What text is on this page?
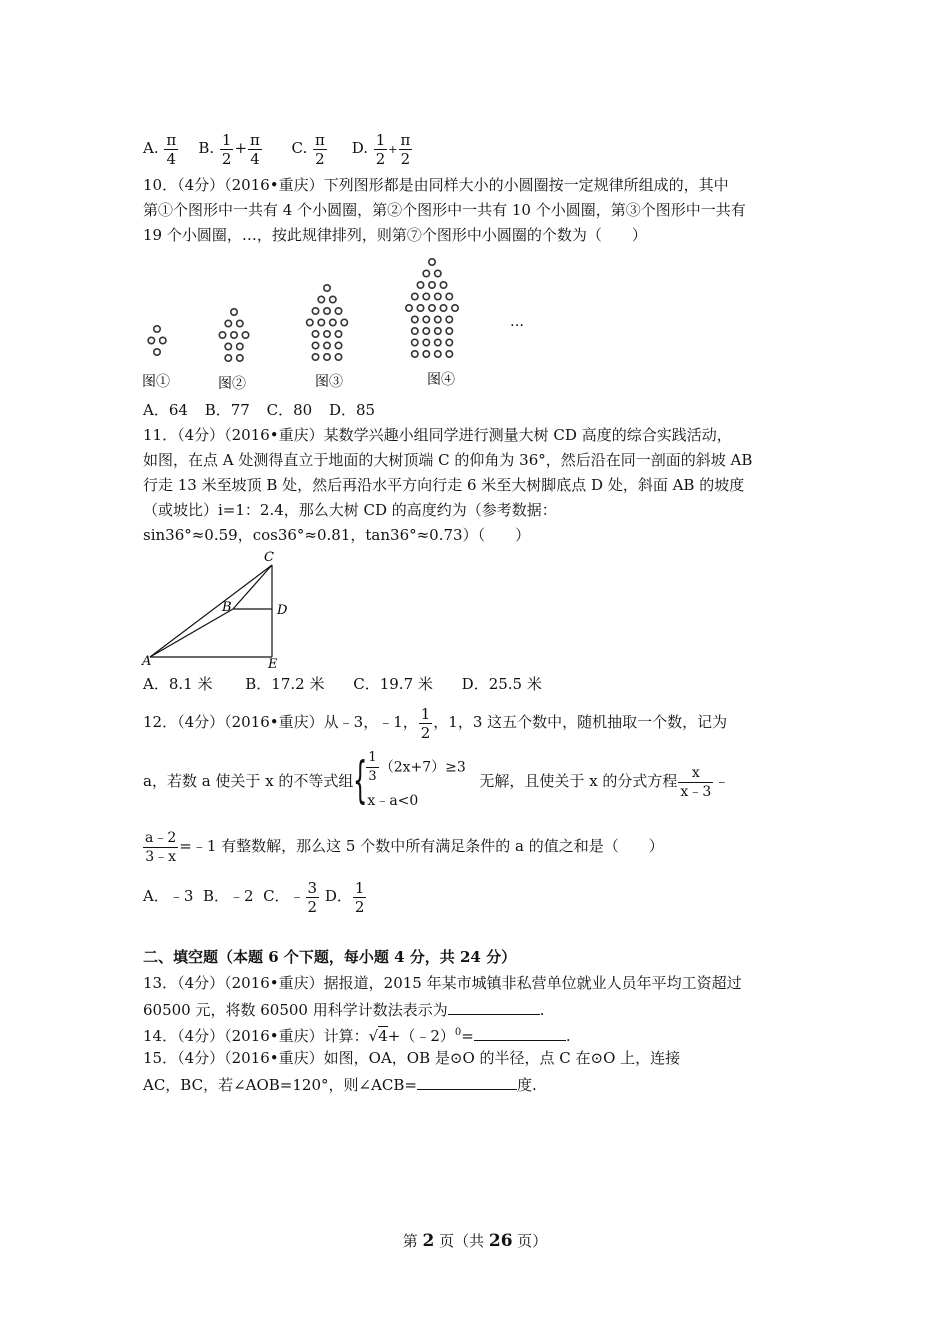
A. $\frac{\pi}{4} B$. $\frac{1}{2} + \frac{\pi}{4} C$. $\frac{\pi}{2} D$. $\frac{1}{2} + \frac{\pi}{2}$
10．（4分）（2016•重庆）下列图形都是由同样大小的小圆圈按一定规律所组成的，其中
第①个图形中一共有 4 个小圆圈，第②个图形中一共有 10 个小圆圈，第③个图形中一共有
19 个小圆圈，…，按此规律排列，则第⑦个图形中小圆圈的个数为（　　）
图①	图②	图③	图④
…
A．64 B．77 C．80 D．85
11．（4分）（2016•重庆）某数学兴趣小组同学进行测量大树 CD 高度的综合实践活动，
如图，在点 A 处测得直立于地面的大树顶端 C 的仰角为 36°，然后沿在同一剖面的斜坡 AB
行走 13 米至坡顶 B 处，然后再沿水平方向行走 6 米至大树脚底点 D 处，斜面 AB 的坡度
（或坡比）i=1：2.4，那么大树 CD 的高度约为（参考数据：
sin36°≈0.59，cos36°≈0.81，tan36°≈0.73）（　　）
A
B
C
D
E
A．8.1 米 B．17.2 米 C．19.7 米 D．25.5 米
12．（4分）（2016•重庆）从﹣3，﹣1， $\frac{1}{2}$ ，1，3 这五个数中，随机抽取一个数，记为
a，若数 a 使关于 x 的不等式组 {
$\frac{1}{3} (2x+7)\ge 3$
x﹣a<0
无解，且使关于 x 的分式方程 $\frac{x}{x﹣3}$ ﹣
$\frac{a﹣2}{3﹣x}$ =﹣1 有整数解，那么这 5 个数中所有满足条件的 a 的值之和是（　　）
A．﹣3 B．﹣2 C．﹣ $\frac{3}{2}$ D． $\frac{1}{2}$
二、填空题（本题 6 个下题，每小题 4 分，共 24 分）
13．（4分）（2016•重庆）据报道，2015 年某市城镇非私营单位就业人员年平均工资超过
60500 元，将数 60500 用科学计数法表示为	.
14．（4分）（2016•重庆）计算：√4+（﹣2）$^0$=	.
15．（4分）（2016•重庆）如图，OA，OB 是⊙O 的半径，点 C 在⊙O 上，连接
AC，BC，若∠AOB=120°，则∠ACB=	度.
第 2 页（共 26 页）
